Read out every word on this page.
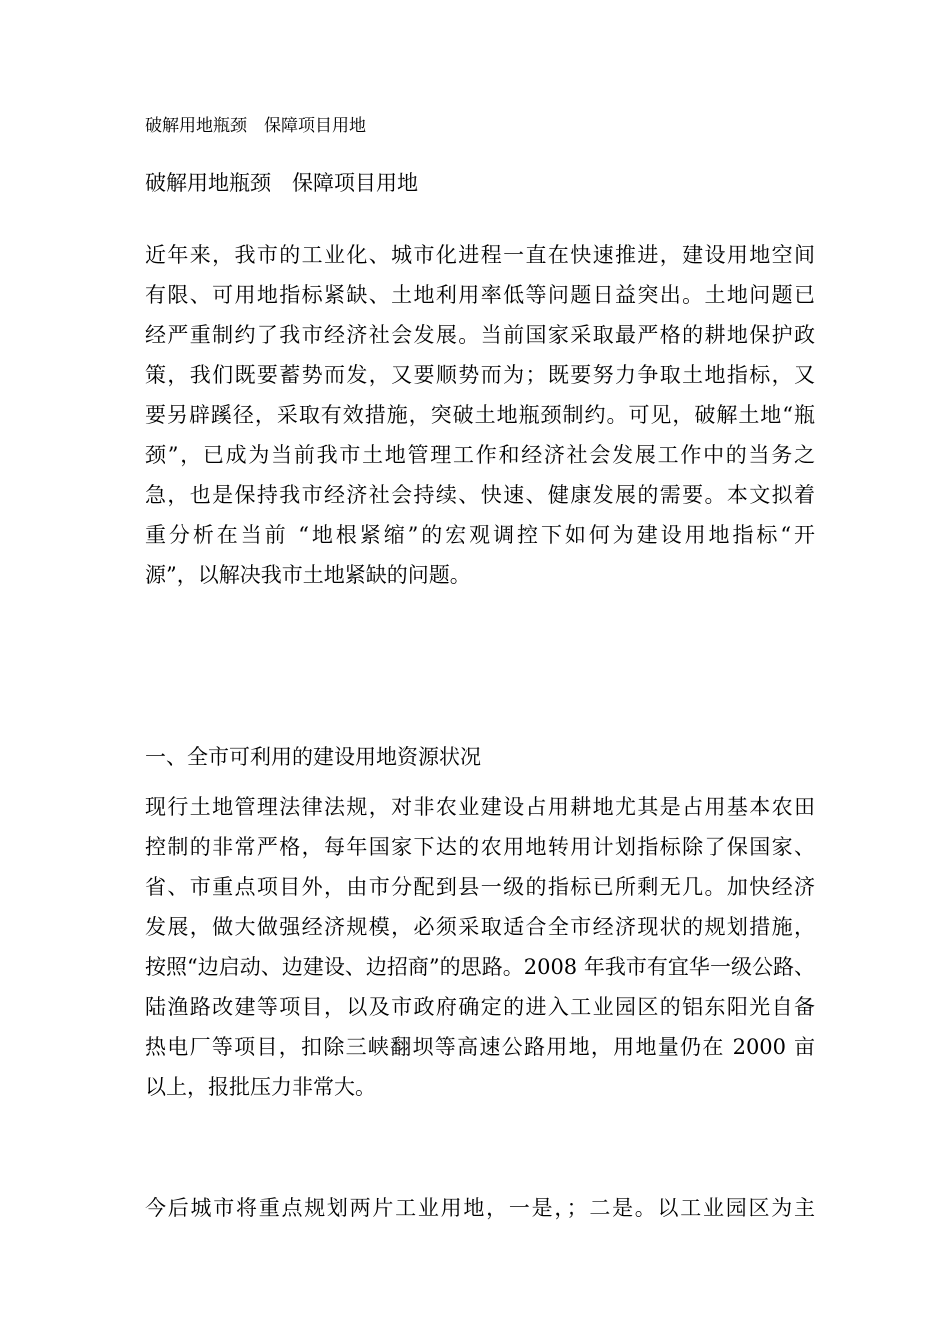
破解用地瓶颈　保障项目用地
破解用地瓶颈　保障项目用地
近年来，我市的工业化、城市化进程一直在快速推进，建设用地空间
有限、可用地指标紧缺、土地利用率低等问题日益突出。土地问题已
经严重制约了我市经济社会发展。当前国家采取最严格的耕地保护政
策，我们既要蓄势而发，又要顺势而为；既要努力争取土地指标，又
要另辟蹊径，采取有效措施，突破土地瓶颈制约。可见，破解土地“瓶
颈”，已成为当前我市土地管理工作和经济社会发展工作中的当务之
急，也是保持我市经济社会持续、快速、健康发展的需要。本文拟着
重分析在当前 “地根紧缩”的宏观调控下如何为建设用地指标“开
源”，以解决我市土地紧缺的问题。
一、全市可利用的建设用地资源状况
现行土地管理法律法规，对非农业建设占用耕地尤其是占用基本农田
控制的非常严格，每年国家下达的农用地转用计划指标除了保国家、
省、市重点项目外，由市分配到县一级的指标已所剩无几。加快经济
发展，做大做强经济规模，必须采取适合全市经济现状的规划措施，
按照“边启动、边建设、边招商”的思路。2008 年我市有宜华一级公路、
陆渔路改建等项目，以及市政府确定的进入工业园区的铝东阳光自备
热电厂等项目，扣除三峡翻坝等高速公路用地，用地量仍在 2000 亩
以上，报批压力非常大。
今后城市将重点规划两片工业用地，一是，；二是。以工业园区为主
